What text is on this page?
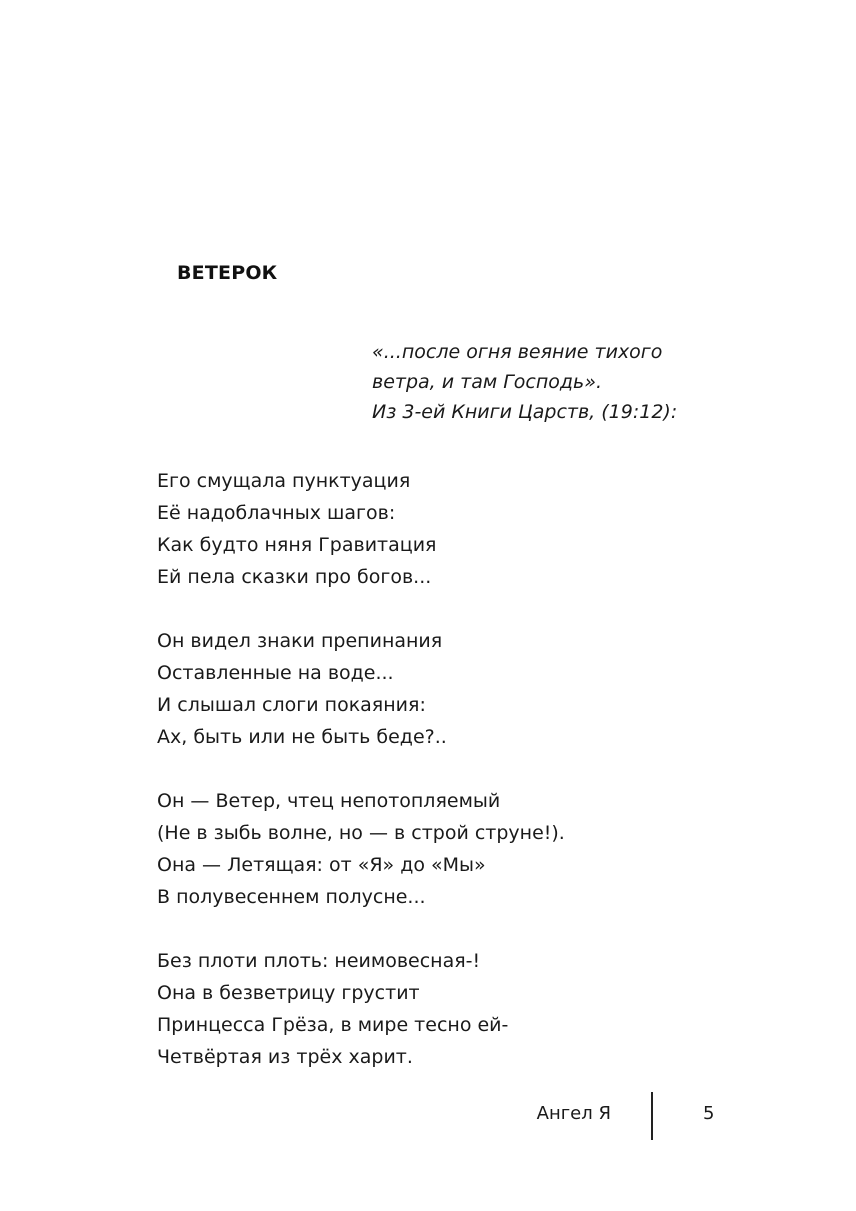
ВЕТЕРОК
«...после огня веяние тихого
ветра, и там Господь».
Из 3-ей Книги Царств, (19:12):
Его смущала пунктуация
Её надоблачных шагов:
Как будто няня Гравитация
Ей пела сказки про богов...
Он видел знаки препинания
Оставленные на воде...
И слышал слоги покаяния:
Ах, быть или не быть беде?..
Он — Ветер, чтец непотопляемый
(Не в зыбь волне, но — в строй струне!).
Она — Летящая: от «Я» до «Мы»
В полувесеннем полусне...
Без плоти плоть: неимовесная-!
Она в безветрицу грустит
Принцесса Грёза, в мире тесно ей-
Четвёртая из трёх харит.
Ангел Я	5
